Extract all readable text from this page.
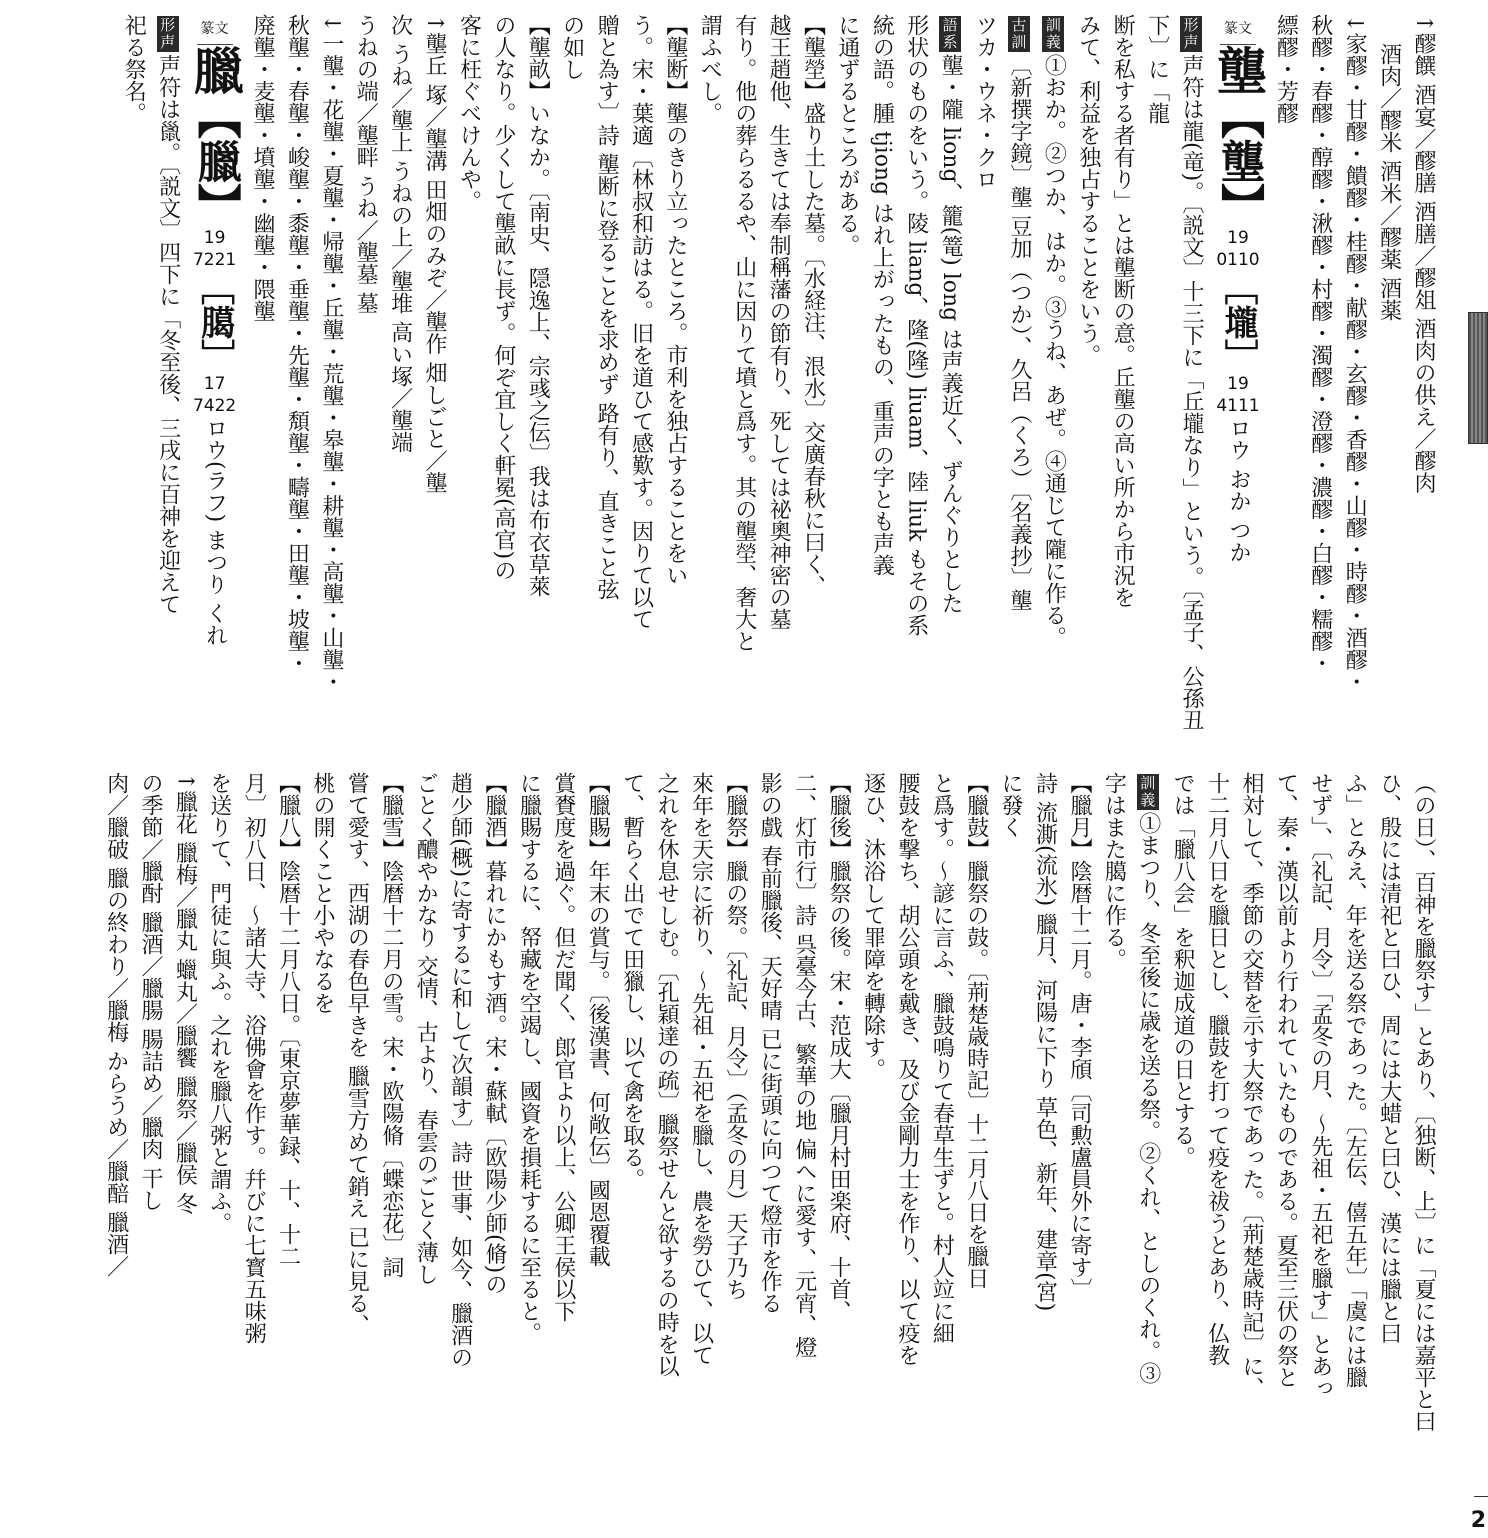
2
↑醪饌 酒宴／醪膳 酒膳／醪俎 酒肉の供え／醪肉
　 酒肉／醪米 酒米／醪薬 酒薬
↓家醪・甘醪・饋醪・桂醪・献醪・玄醪・香醪・山醪・時醪・酒醪・
秋醪・春醪・醇醪・湫醪・村醪・濁醪・澄醪・濃醪・白醪・糯醪・
縹醪・芳醪
篆文壟【壟】190110［壠］194111ロウ おか つか
形声声符は龍(竜)。〔説文〕十三下に「丘壠なり」という。〔孟子、公孫丑下〕に「龍
断を私する者有り」とは壟断の意。丘壟の高い所から市況を
みて、利益を独占することをいう。
訓義①おか。②つか、はか。③うね、あぜ。④通じて隴に作る。
古訓〔新撰字鏡〕壟 豆加（つか）、久呂（くろ）〔名義抄〕壟
ツカ・ウネ・クロ
語系壟・隴 liong、籠(篭) long は声義近く、ずんぐりとした
形状のものをいう。陵 liang、隆(隆) liuam、陸 liuk もその系
統の語。腫 tjiong はれ上がったもの、重声の字とも声義
に通ずるところがある。
【壟塋】盛り土した墓。〔水経注、泿水〕交廣春秋に曰く、
越王趙他、生きては奉制稱藩の節有り、死しては祕奧神密の墓
有り。他の葬らるるや、山に因りて墳と爲す。其の壟塋、奢大と
謂ふべし。
【壟断】壟のきり立ったところ。市利を独占することをい
う。宋・葉適〔林叔和訪はる。旧を道ひて感歎す。因りて以て
贈と為す〕詩 壟断に登ることを求めず 路有り、直きこと弦
の如し
【壟畝】いなか。〔南史、隠逸上、宗彧之伝〕我は布衣草萊
の人なり。少くして壟畝に長ず。何ぞ宜しく軒冕(高官)の
客に枉ぐべけんや。
↑壟丘 塚／壟溝 田畑のみぞ／壟作 畑しごと／壟
次 うね／壟上 うねの上／壟堆 高い塚／壟端
うねの端／壟畔 うね／壟墓 墓
↓一壟・花壟・夏壟・帰壟・丘壟・荒壟・皋壟・耕壟・高壟・山壟・
秋壟・春壟・峻壟・黍壟・垂壟・先壟・頽壟・疇壟・田壟・坡壟・
廃壟・麦壟・墳壟・幽壟・隈壟
篆文臘【臘】197221［臈］177422ロウ(ラフ) まつり くれ
形声声符は巤。〔説文〕四下に「冬至後、三戌に百神を迎えて
祀る祭名。
（の日）、百神を臘祭す」とあり、〔独断、上〕に「夏には嘉平と曰
ひ、殷には清祀と曰ひ、周には大蜡と曰ひ、漢には臘と曰
ふ」とみえ、年を送る祭であった。〔左伝、僖五年〕「虞には臘
せず」、〔礼記、月令〕「孟冬の月、～先祖・五祀を臘す」とあっ
て、秦・漢以前より行われていたものである。夏至三伏の祭と
相対して、季節の交替を示す大祭であった。〔荊楚歳時記〕に、
十二月八日を臘日とし、臘鼓を打って疫を祓うとあり、仏教
では「臘八会」を釈迦成道の日とする。
訓義①まつり、冬至後に歳を送る祭。②くれ、としのくれ。③
字はまた臈に作る。
【臘月】陰暦十二月。唐・李頎〔司勲盧員外に寄す〕
詩 流澌(流氷) 臘月、河陽に下り 草色、新年、建章(宮)
に發く
【臘鼓】臘祭の鼓。〔荊楚歳時記〕十二月八日を臘日
と爲す。～諺に言ふ、臘鼓鳴りて春草生ずと。村人竝に細
腰鼓を撃ち、胡公頭を戴き、及び金剛力士を作り、以て疫を
逐ひ、沐浴して罪障を轉除す。
【臘後】臘祭の後。宋・范成大〔臘月村田楽府、十首、
二、灯市行〕詩 呉臺今古、繁華の地 偏へに愛す、元宵、燈
影の戲 春前臘後、天好晴 已に街頭に向つて燈市を作る
【臘祭】臘の祭。〔礼記、月令〕（孟冬の月）天子乃ち
來年を天宗に祈り、～先祖・五祀を臘し、農を勞ひて、以て
之れを休息せしむ。〔孔穎達の疏〕臘祭せんと欲するの時を以
て、暫らく出でて田獵し、以て禽を取る。
【臘賜】年末の賞与。〔後漢書、何敞伝〕國恩覆載
賞賚度を過ぐ。但だ聞く、郎官より以上、公卿王侯以下
に臘賜するに、帑藏を空竭し、國資を損耗するに至ると。
【臘酒】暮れにかもす酒。宋・蘇軾〔欧陽少師(脩)の
趙少師(概)に寄するに和して次韻す〕詩 世事、如今、臘酒の
ごとく醲やかなり 交情、古より、春雲のごとく薄し
【臘雪】陰暦十二月の雪。宋・欧陽脩〔蝶恋花〕詞
嘗て愛す、西湖の春色早きを 臘雪方めて銷え 已に見る、
桃の開くこと小やなるを
【臘八】陰暦十二月八日。〔東京夢華録、十、十二
月〕初八日、～諸大寺、浴佛會を作す。幷びに七寳五味粥
を送りて、門徒に與ふ。之れを臘八粥と謂ふ。
↑臘花 臘梅／臘丸 蠟丸／臘饗 臘祭／臘侯 冬
の季節／臘酎 臘酒／臘腸 腸詰め／臘肉 干し
肉／臘破 臘の終わり／臘梅 からうめ／臘醅 臘酒／
